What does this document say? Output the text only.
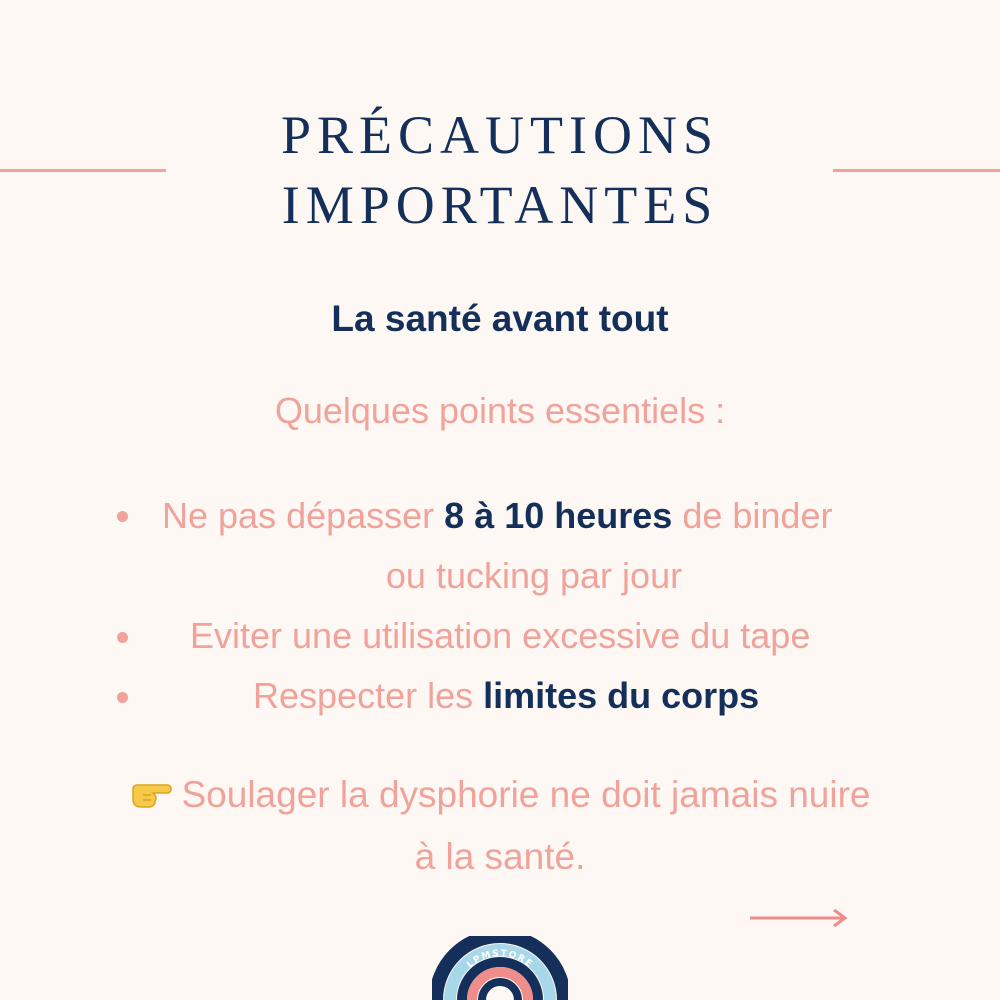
PRÉCAUTIONS
IMPORTANTES
La santé avant tout
Quelques points essentiels :
Ne pas dépasser 8 à 10 heures de binder
ou tucking par jour
Eviter une utilisation excessive du tape
Respecter les limites du corps
Soulager la dysphorie ne doit jamais nuire
à la santé.
LPMSTORE
